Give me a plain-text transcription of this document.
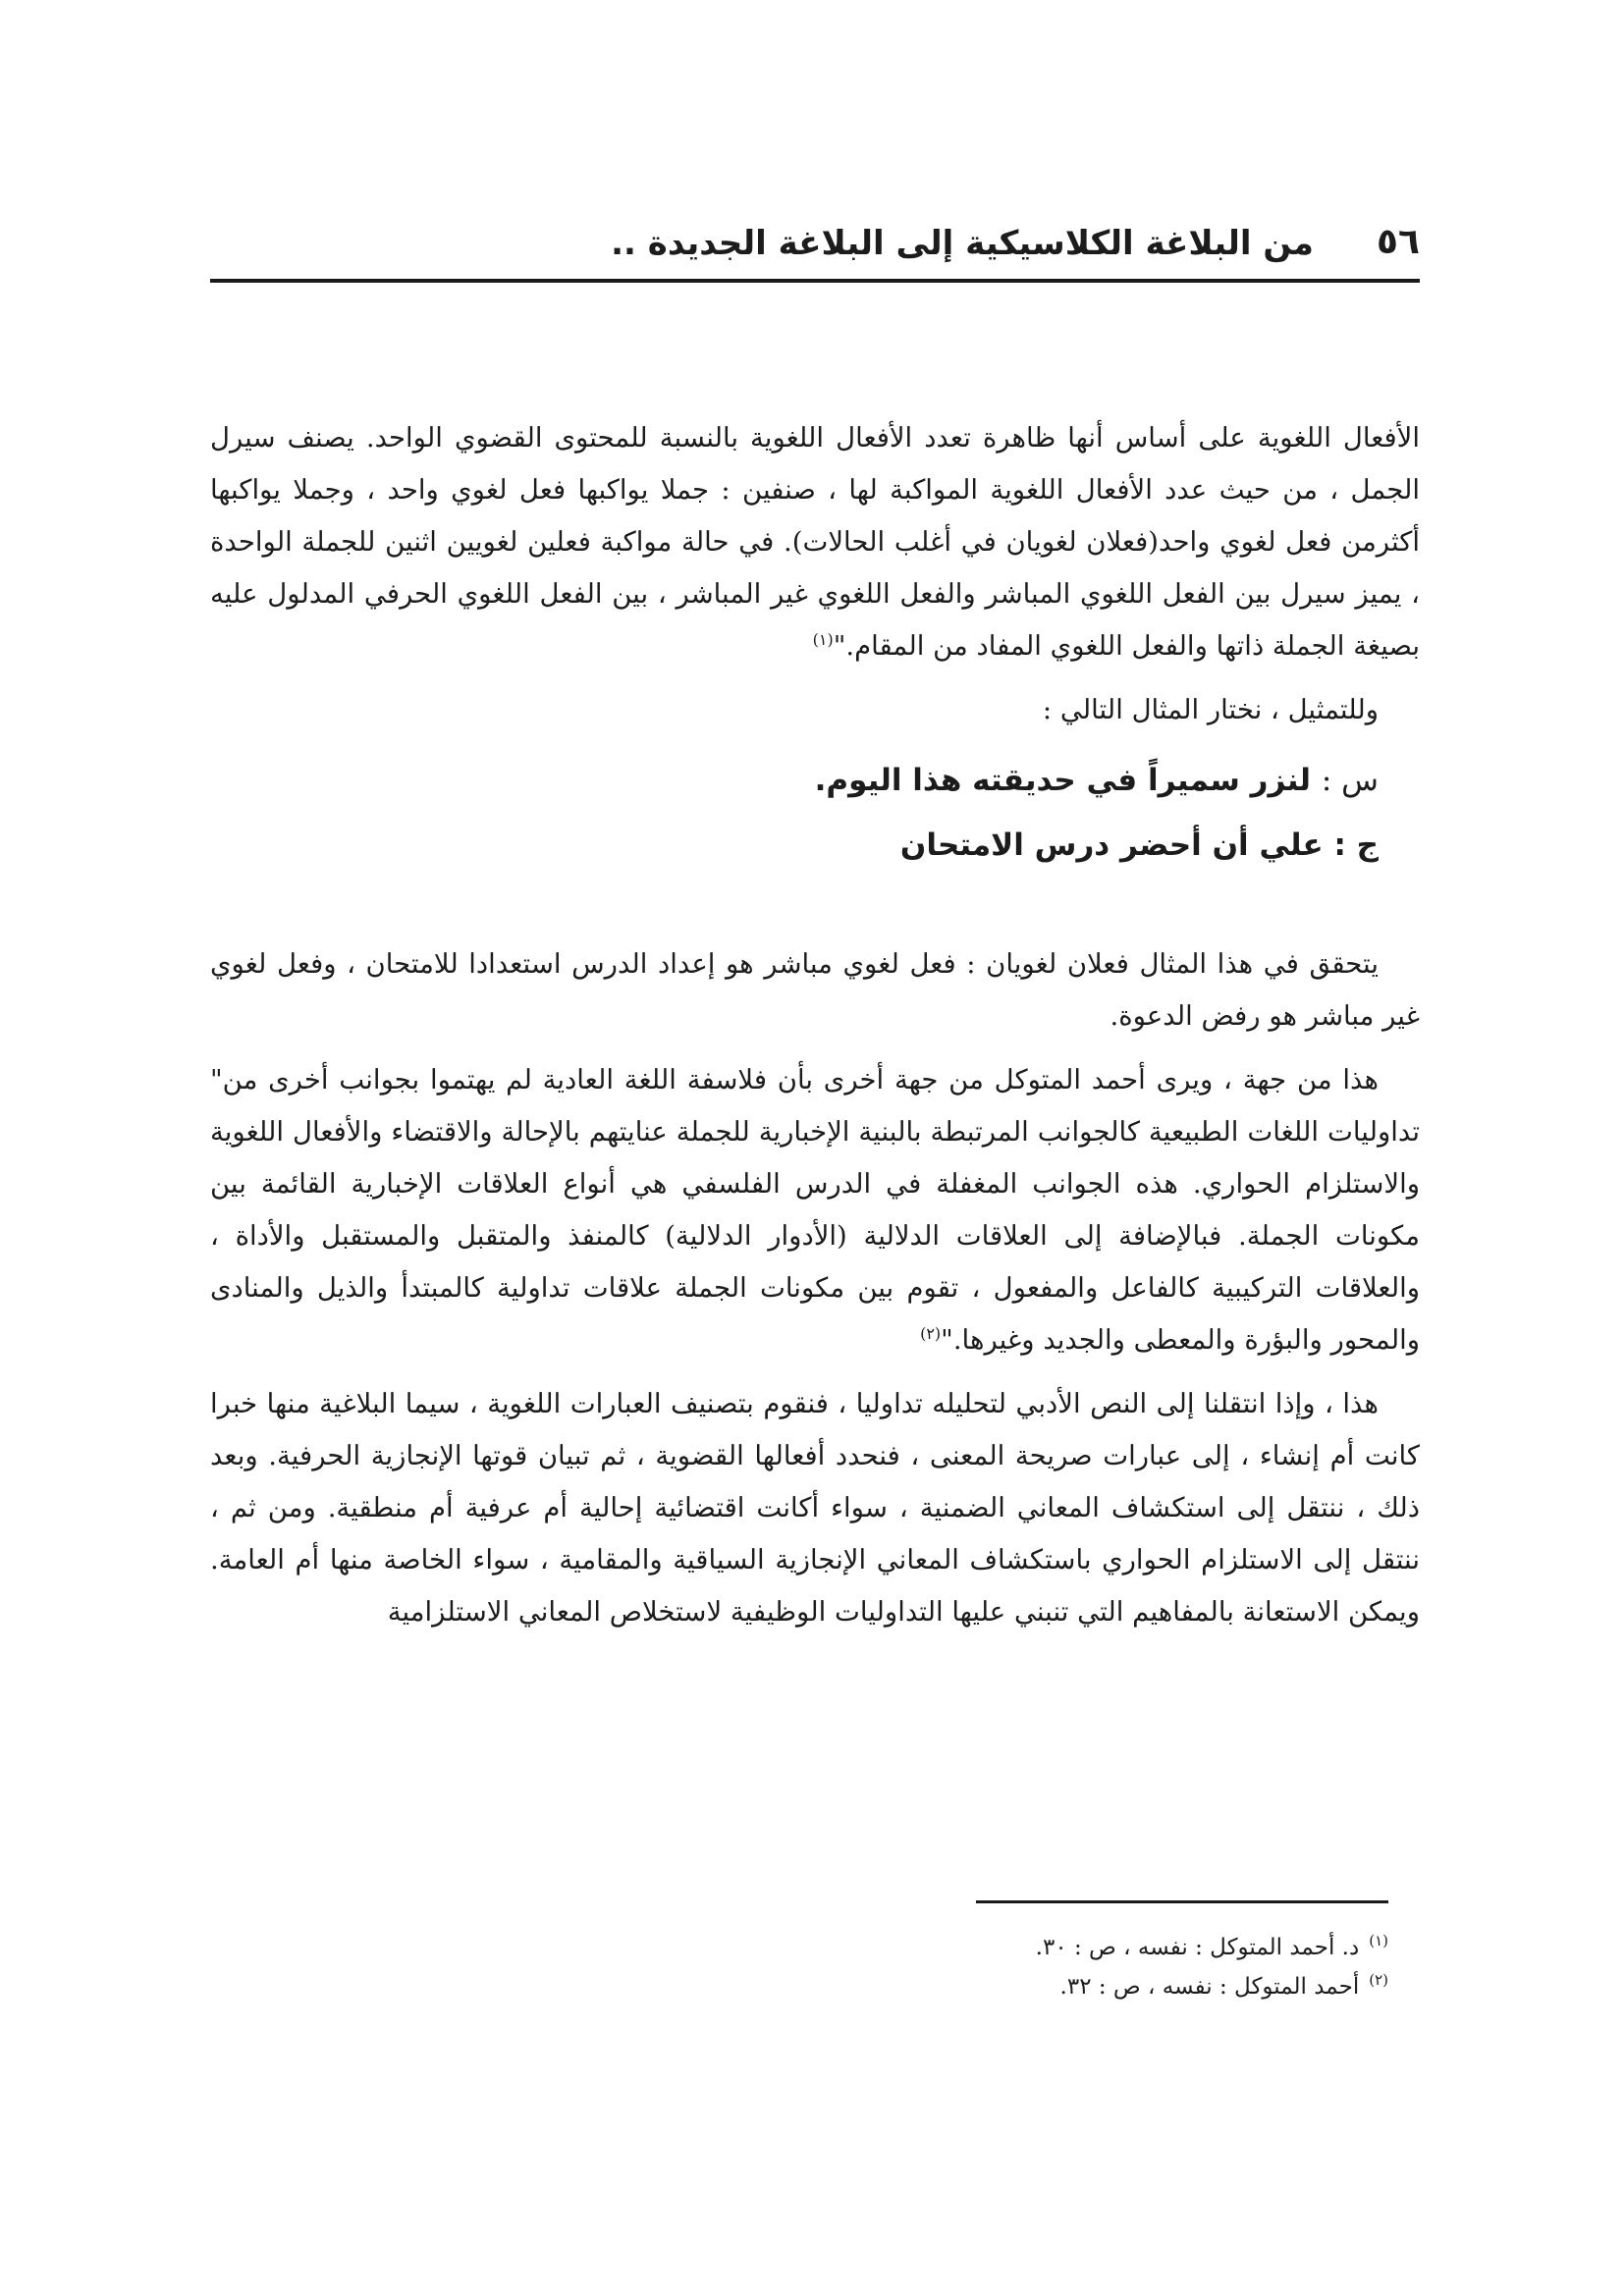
٥٦
من البلاغة الكلاسيكية إلى البلاغة الجديدة ..

الأفعال اللغوية على أساس أنها ظاهرة تعدد الأفعال اللغوية بالنسبة للمحتوى القضوي الواحد. يصنف سيرل الجمل ، من حيث عدد الأفعال اللغوية المواكبة لها ، صنفين : جملا يواكبها فعل لغوي واحد ، وجملا يواكبها أكثرمن فعل لغوي واحد(فعلان لغويان في أغلب الحالات). في حالة مواكبة فعلين لغويين اثنين للجملة الواحدة ، يميز سيرل بين الفعل اللغوي المباشر والفعل اللغوي غير المباشر ، بين الفعل اللغوي الحرفي المدلول عليه بصيغة الجملة ذاتها والفعل اللغوي المفاد من المقام."$^{(١)}$

وللتمثيل ، نختار المثال التالي :

س : لنزر سميراً في حديقته هذا اليوم.

ج : علي أن أحضر درس الامتحان

يتحقق في هذا المثال فعلان لغويان : فعل لغوي مباشر هو إعداد الدرس استعدادا للامتحان ، وفعل لغوي غير مباشر هو رفض الدعوة.

هذا من جهة ، ويرى أحمد المتوكل من جهة أخرى بأن فلاسفة اللغة العادية لم يهتموا بجوانب أخرى من" تداوليات اللغات الطبيعية كالجوانب المرتبطة بالبنية الإخبارية للجملة عنايتهم بالإحالة والاقتضاء والأفعال اللغوية والاستلزام الحواري. هذه الجوانب المغفلة في الدرس الفلسفي هي أنواع العلاقات الإخبارية القائمة بين مكونات الجملة. فبالإضافة إلى العلاقات الدلالية (الأدوار الدلالية) كالمنفذ والمتقبل والمستقبل والأداة ، والعلاقات التركيبية كالفاعل والمفعول ، تقوم بين مكونات الجملة علاقات تداولية كالمبتدأ والذيل والمنادى والمحور والبؤرة والمعطى والجديد وغيرها."$^{(٢)}$

هذا ، وإذا انتقلنا إلى النص الأدبي لتحليله تداوليا ، فنقوم بتصنيف العبارات اللغوية ، سيما البلاغية منها خبرا كانت أم إنشاء ، إلى عبارات صريحة المعنى ، فنحدد أفعالها القضوية ، ثم تبيان قوتها الإنجازية الحرفية. وبعد ذلك ، ننتقل إلى استكشاف المعاني الضمنية ، سواء أكانت اقتضائية إحالية أم عرفية أم منطقية. ومن ثم ، ننتقل إلى الاستلزام الحواري باستكشاف المعاني الإنجازية السياقية والمقامية ، سواء الخاصة منها أم العامة. ويمكن الاستعانة بالمفاهيم التي تنبني عليها التداوليات الوظيفية لاستخلاص المعاني الاستلزامية

$^{(١)}$د. أحمد المتوكل : نفسه ، ص : ٣٠.

$^{(٢)}$أحمد المتوكل : نفسه ، ص : ٣٢.
